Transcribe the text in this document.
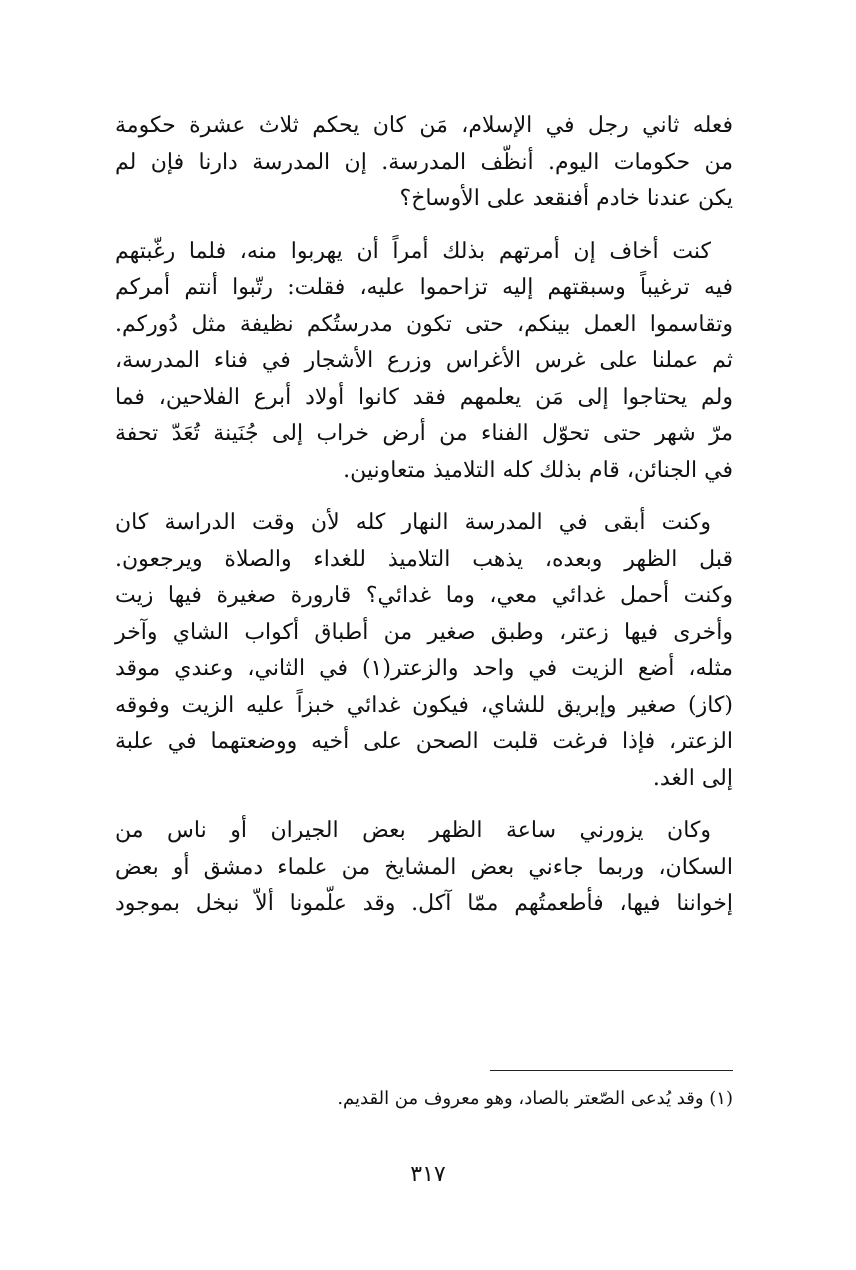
فعله ثاني رجل في الإسلام، مَن كان يحكم ثلاث عشرة حكومة
من حكومات اليوم. أنظّف المدرسة. إن المدرسة دارنا فإن لم
يكن عندنا خادم أفنقعد على الأوساخ؟

كنت أخاف إن أمرتهم بذلك أمراً أن يهربوا منه، فلما رغّبتهم
فيه ترغيباً وسبقتهم إليه تزاحموا عليه، فقلت: رتّبوا أنتم أمركم
وتقاسموا العمل بينكم، حتى تكون مدرستُكم نظيفة مثل دُوركم.
ثم عملنا على غرس الأغراس وزرع الأشجار في فناء المدرسة،
ولم يحتاجوا إلى مَن يعلمهم فقد كانوا أولاد أبرع الفلاحين، فما
مرّ شهر حتى تحوّل الفناء من أرض خراب إلى جُنَينة تُعَدّ تحفة
في الجنائن، قام بذلك كله التلاميذ متعاونين.

وكنت أبقى في المدرسة النهار كله لأن وقت الدراسة كان
قبل الظهر وبعده، يذهب التلاميذ للغداء والصلاة ويرجعون.
وكنت أحمل غدائي معي، وما غدائي؟ قارورة صغيرة فيها زيت
وأخرى فيها زعتر، وطبق صغير من أطباق أكواب الشاي وآخر
مثله، أضع الزيت في واحد والزعتر(١) في الثاني، وعندي موقد
(كاز) صغير وإبريق للشاي، فيكون غدائي خبزاً عليه الزيت وفوقه
الزعتر، فإذا فرغت قلبت الصحن على أخيه ووضعتهما في علبة
إلى الغد.

وكان يزورني ساعة الظهر بعض الجيران أو ناس من
السكان، وربما جاءني بعض المشايخ من علماء دمشق أو بعض
إخواننا فيها، فأطعمتُهم ممّا آكل. وقد علّمونا ألاّ نبخل بموجود

(١) وقد يُدعى الصّعتر بالصاد، وهو معروف من القديم.
٣١٧
